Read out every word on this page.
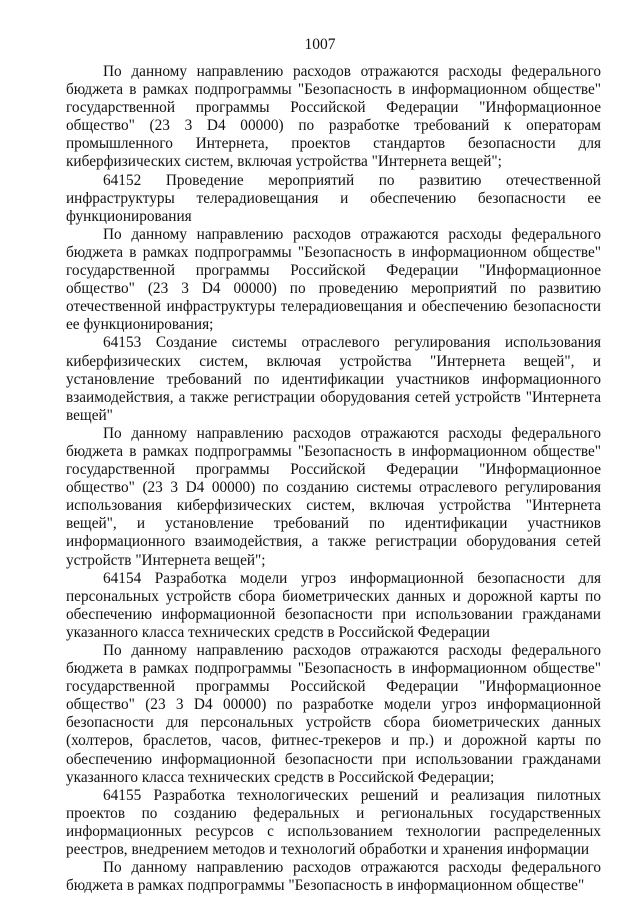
1007

По данному направлению расходов отражаются расходы федерального бюджета в рамках подпрограммы "Безопасность в информационном обществе" государственной программы Российской Федерации "Информационное общество" (23 3 D4 00000) по разработке требований к операторам промышленного Интернета, проектов стандартов безопасности для киберфизических систем, включая устройства "Интернета вещей";

64152 Проведение мероприятий по развитию отечественной инфраструктуры телерадиовещания и обеспечению безопасности ее функционирования

По данному направлению расходов отражаются расходы федерального бюджета в рамках подпрограммы "Безопасность в информационном обществе" государственной программы Российской Федерации "Информационное общество" (23 3 D4 00000) по проведению мероприятий по развитию отечественной инфраструктуры телерадиовещания и обеспечению безопасности ее функционирования;

64153 Создание системы отраслевого регулирования использования киберфизических систем, включая устройства "Интернета вещей", и установление требований по идентификации участников информационного взаимодействия, а также регистрации оборудования сетей устройств "Интернета вещей"

По данному направлению расходов отражаются расходы федерального бюджета в рамках подпрограммы "Безопасность в информационном обществе" государственной программы Российской Федерации "Информационное общество" (23 3 D4 00000) по созданию системы отраслевого регулирования использования киберфизических систем, включая устройства "Интернета вещей", и установление требований по идентификации участников информационного взаимодействия, а также регистрации оборудования сетей устройств "Интернета вещей";

64154 Разработка модели угроз информационной безопасности для персональных устройств сбора биометрических данных и дорожной карты по обеспечению информационной безопасности при использовании гражданами указанного класса технических средств в Российской Федерации

По данному направлению расходов отражаются расходы федерального бюджета в рамках подпрограммы "Безопасность в информационном обществе" государственной программы Российской Федерации "Информационное общество" (23 3 D4 00000) по разработке модели угроз информационной безопасности для персональных устройств сбора биометрических данных (холтеров, браслетов, часов, фитнес-трекеров и пр.) и дорожной карты по обеспечению информационной безопасности при использовании гражданами указанного класса технических средств в Российской Федерации;

64155 Разработка технологических решений и реализация пилотных проектов по созданию федеральных и региональных государственных информационных ресурсов с использованием технологии распределенных реестров, внедрением методов и технологий обработки и хранения информации

По данному направлению расходов отражаются расходы федерального бюджета в рамках подпрограммы "Безопасность в информационном обществе"
